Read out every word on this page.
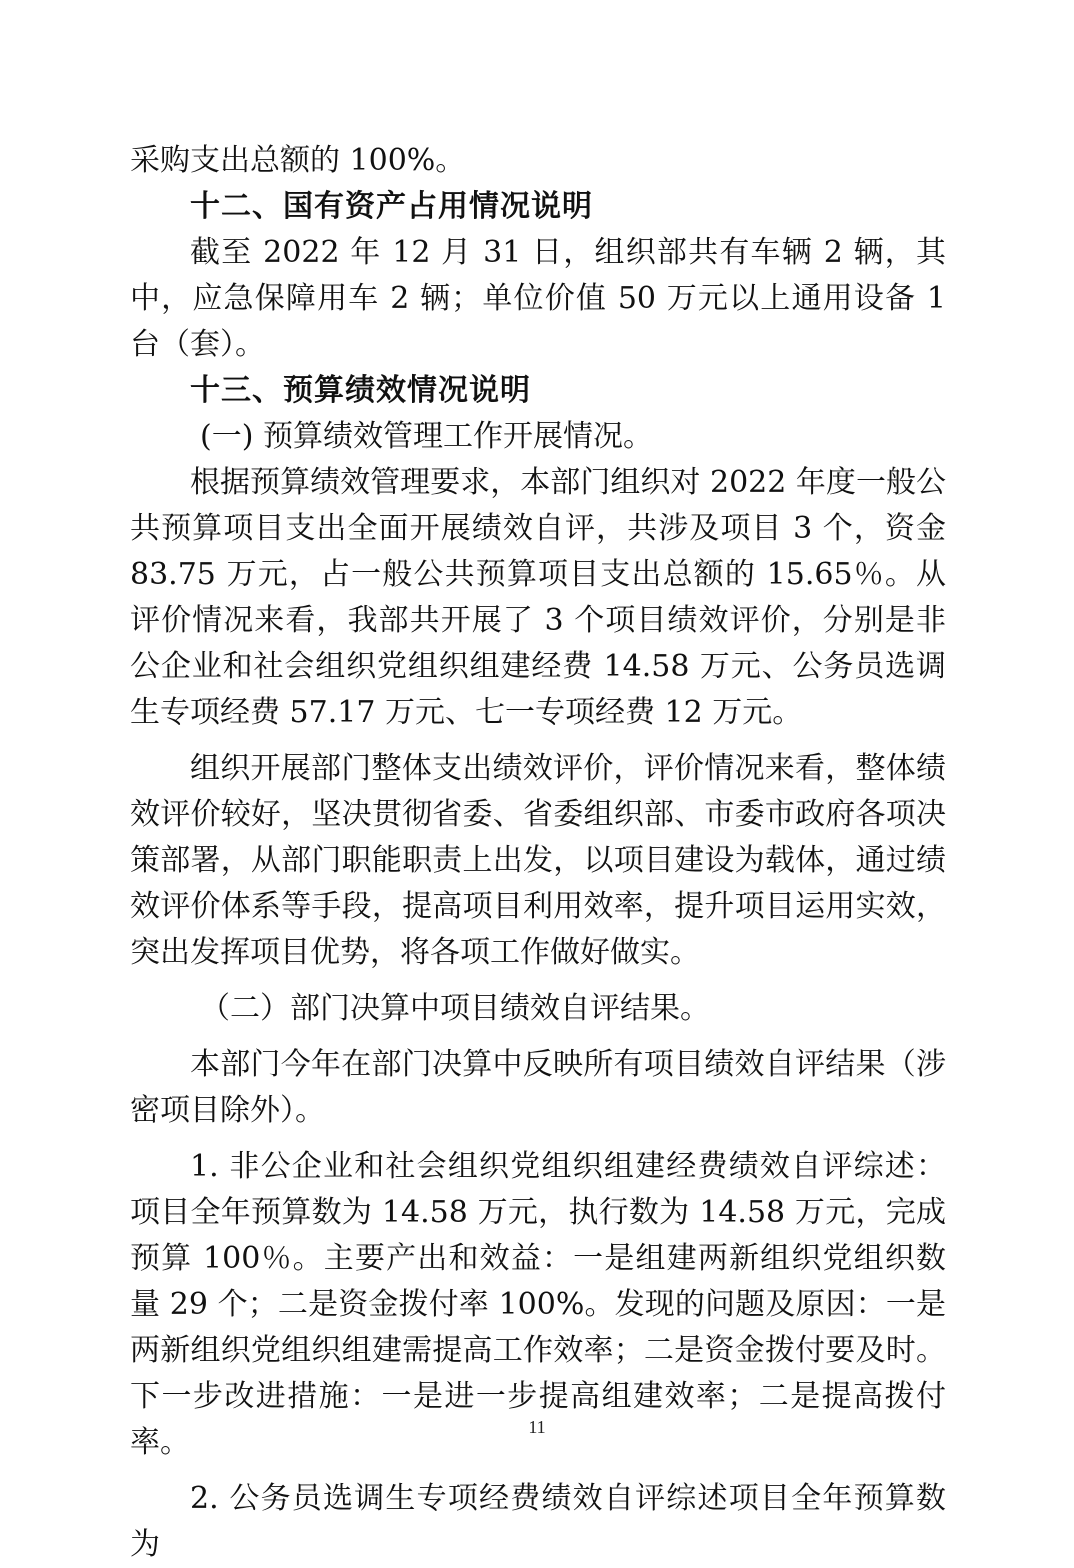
采购支出总额的 100%。

十二、国有资产占用情况说明

截至 2022 年 12 月 31 日，组织部共有车辆 2 辆，其中，应急保障用车 2 辆；单位价值 50 万元以上通用设备 1 台（套）。

十三、预算绩效情况说明

(一) 预算绩效管理工作开展情况。

根据预算绩效管理要求，本部门组织对 2022 年度一般公共预算项目支出全面开展绩效自评，共涉及项目 3 个，资金 83.75 万元，占一般公共预算项目支出总额的 15.65％。从评价情况来看，我部共开展了 3 个项目绩效评价，分别是非公企业和社会组织党组织组建经费 14.58 万元、公务员选调生专项经费 57.17 万元、七一专项经费 12 万元。

组织开展部门整体支出绩效评价，评价情况来看，整体绩效评价较好，坚决贯彻省委、省委组织部、市委市政府各项决策部署，从部门职能职责上出发，以项目建设为载体，通过绩效评价体系等手段，提高项目利用效率，提升项目运用实效，突出发挥项目优势，将各项工作做好做实。

（二）部门决算中项目绩效自评结果。

本部门今年在部门决算中反映所有项目绩效自评结果（涉密项目除外）。

1. 非公企业和社会组织党组织组建经费绩效自评综述：项目全年预算数为 14.58 万元，执行数为 14.58 万元，完成预算 100％。主要产出和效益：一是组建两新组织党组织数量 29 个；二是资金拨付率 100%。发现的问题及原因：一是两新组织党组织组建需提高工作效率；二是资金拨付要及时。下一步改进措施：一是进一步提高组建效率；二是提高拨付率。

2. 公务员选调生专项经费绩效自评综述项目全年预算数为

11
